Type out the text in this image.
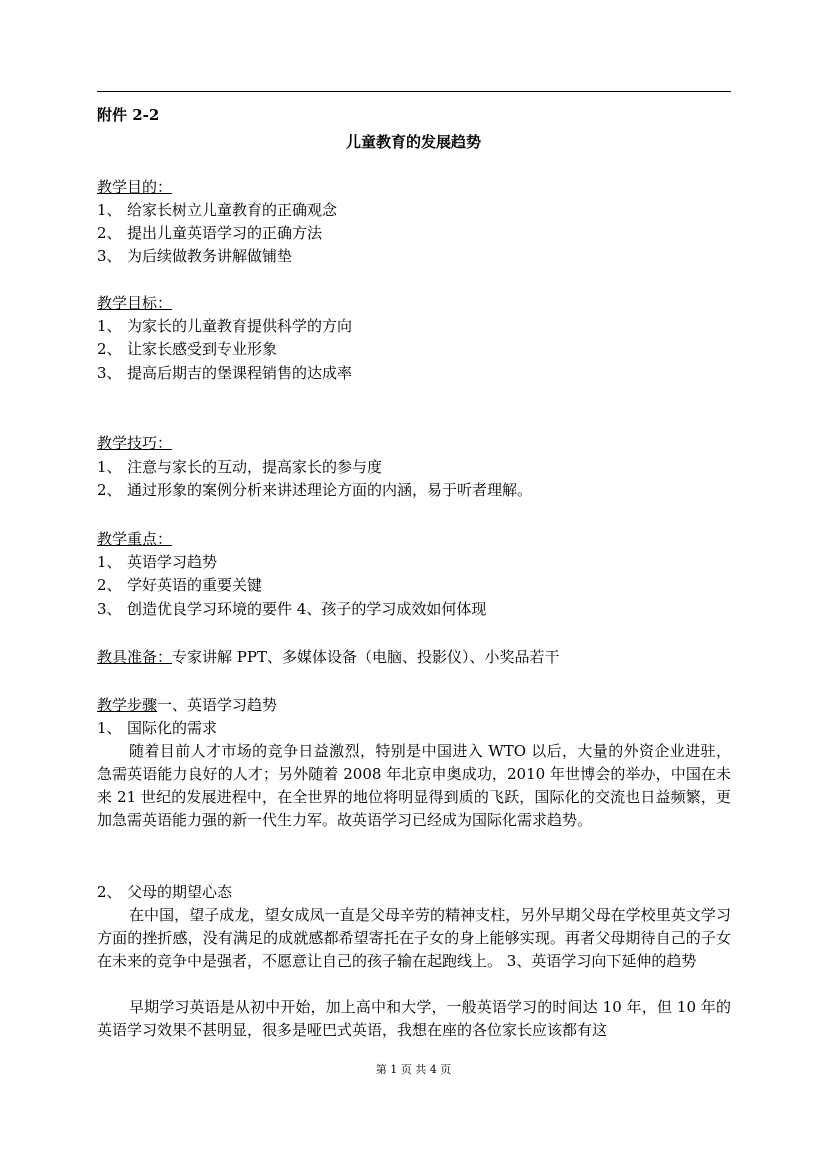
附件 2-2
儿童教育的发展趋势
教学目的：
1、 给家长树立儿童教育的正确观念
2、 提出儿童英语学习的正确方法
3、 为后续做教务讲解做铺垫
教学目标：
1、 为家长的儿童教育提供科学的方向
2、 让家长感受到专业形象
3、 提高后期吉的堡课程销售的达成率
教学技巧：
1、 注意与家长的互动，提高家长的参与度
2、 通过形象的案例分析来讲述理论方面的内涵，易于听者理解。
教学重点：
1、 英语学习趋势
2、 学好英语的重要关键
3、 创造优良学习环境的要件 4、孩子的学习成效如何体现
教具准备：专家讲解 PPT、多媒体设备（电脑、投影仪）、小奖品若干
教学步骤一、英语学习趋势
1、 国际化的需求
随着目前人才市场的竞争日益激烈，特别是中国进入 WTO 以后，大量的外资企业进驻，急需英语能力良好的人才；另外随着 2008 年北京申奥成功，2010 年世博会的举办，中国在未来 21 世纪的发展进程中，在全世界的地位将明显得到质的飞跃，国际化的交流也日益频繁，更加急需英语能力强的新一代生力军。故英语学习已经成为国际化需求趋势。
2、 父母的期望心态
在中国，望子成龙，望女成凤一直是父母辛劳的精神支柱，另外早期父母在学校里英文学习方面的挫折感，没有满足的成就感都希望寄托在子女的身上能够实现。再者父母期待自己的子女在未来的竞争中是强者，不愿意让自己的孩子输在起跑线上。 3、英语学习向下延伸的趋势
早期学习英语是从初中开始，加上高中和大学，一般英语学习的时间达 10 年，但 10 年的英语学习效果不甚明显，很多是哑巴式英语，我想在座的各位家长应该都有这
第 1 页 共 4 页
